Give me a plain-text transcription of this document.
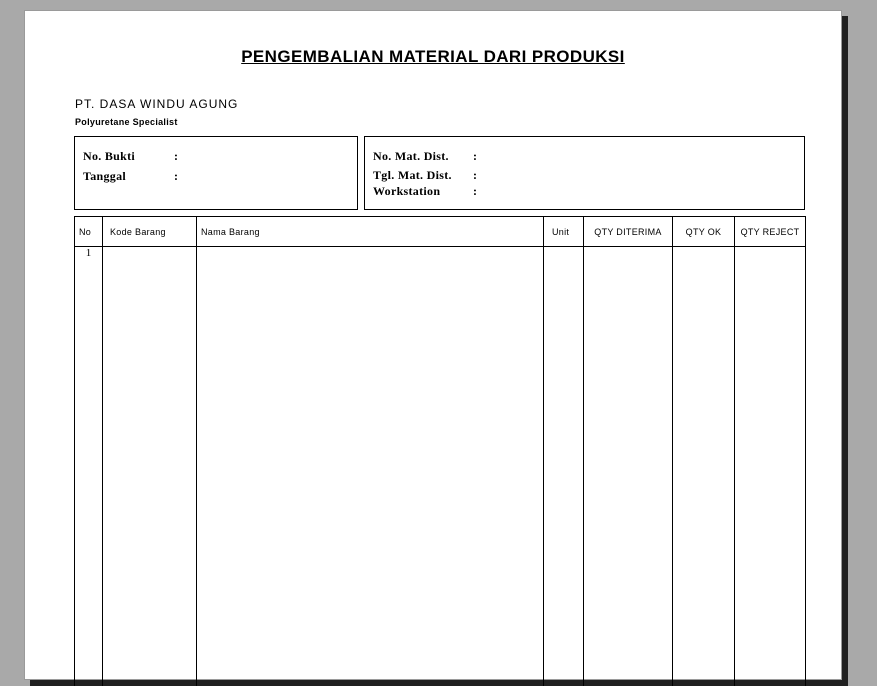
PENGEMBALIAN MATERIAL DARI PRODUKSI
PT. DASA WINDU AGUNG
Polyuretane Specialist
No. Bukti	:
Tanggal	:
No. Mat. Dist. :
Tgl. Mat. Dist. :
Workstation	:
No	Kode Barang	Nama Barang	Unit	QTY DITERIMA	QTY OK	QTY REJECT
1						
